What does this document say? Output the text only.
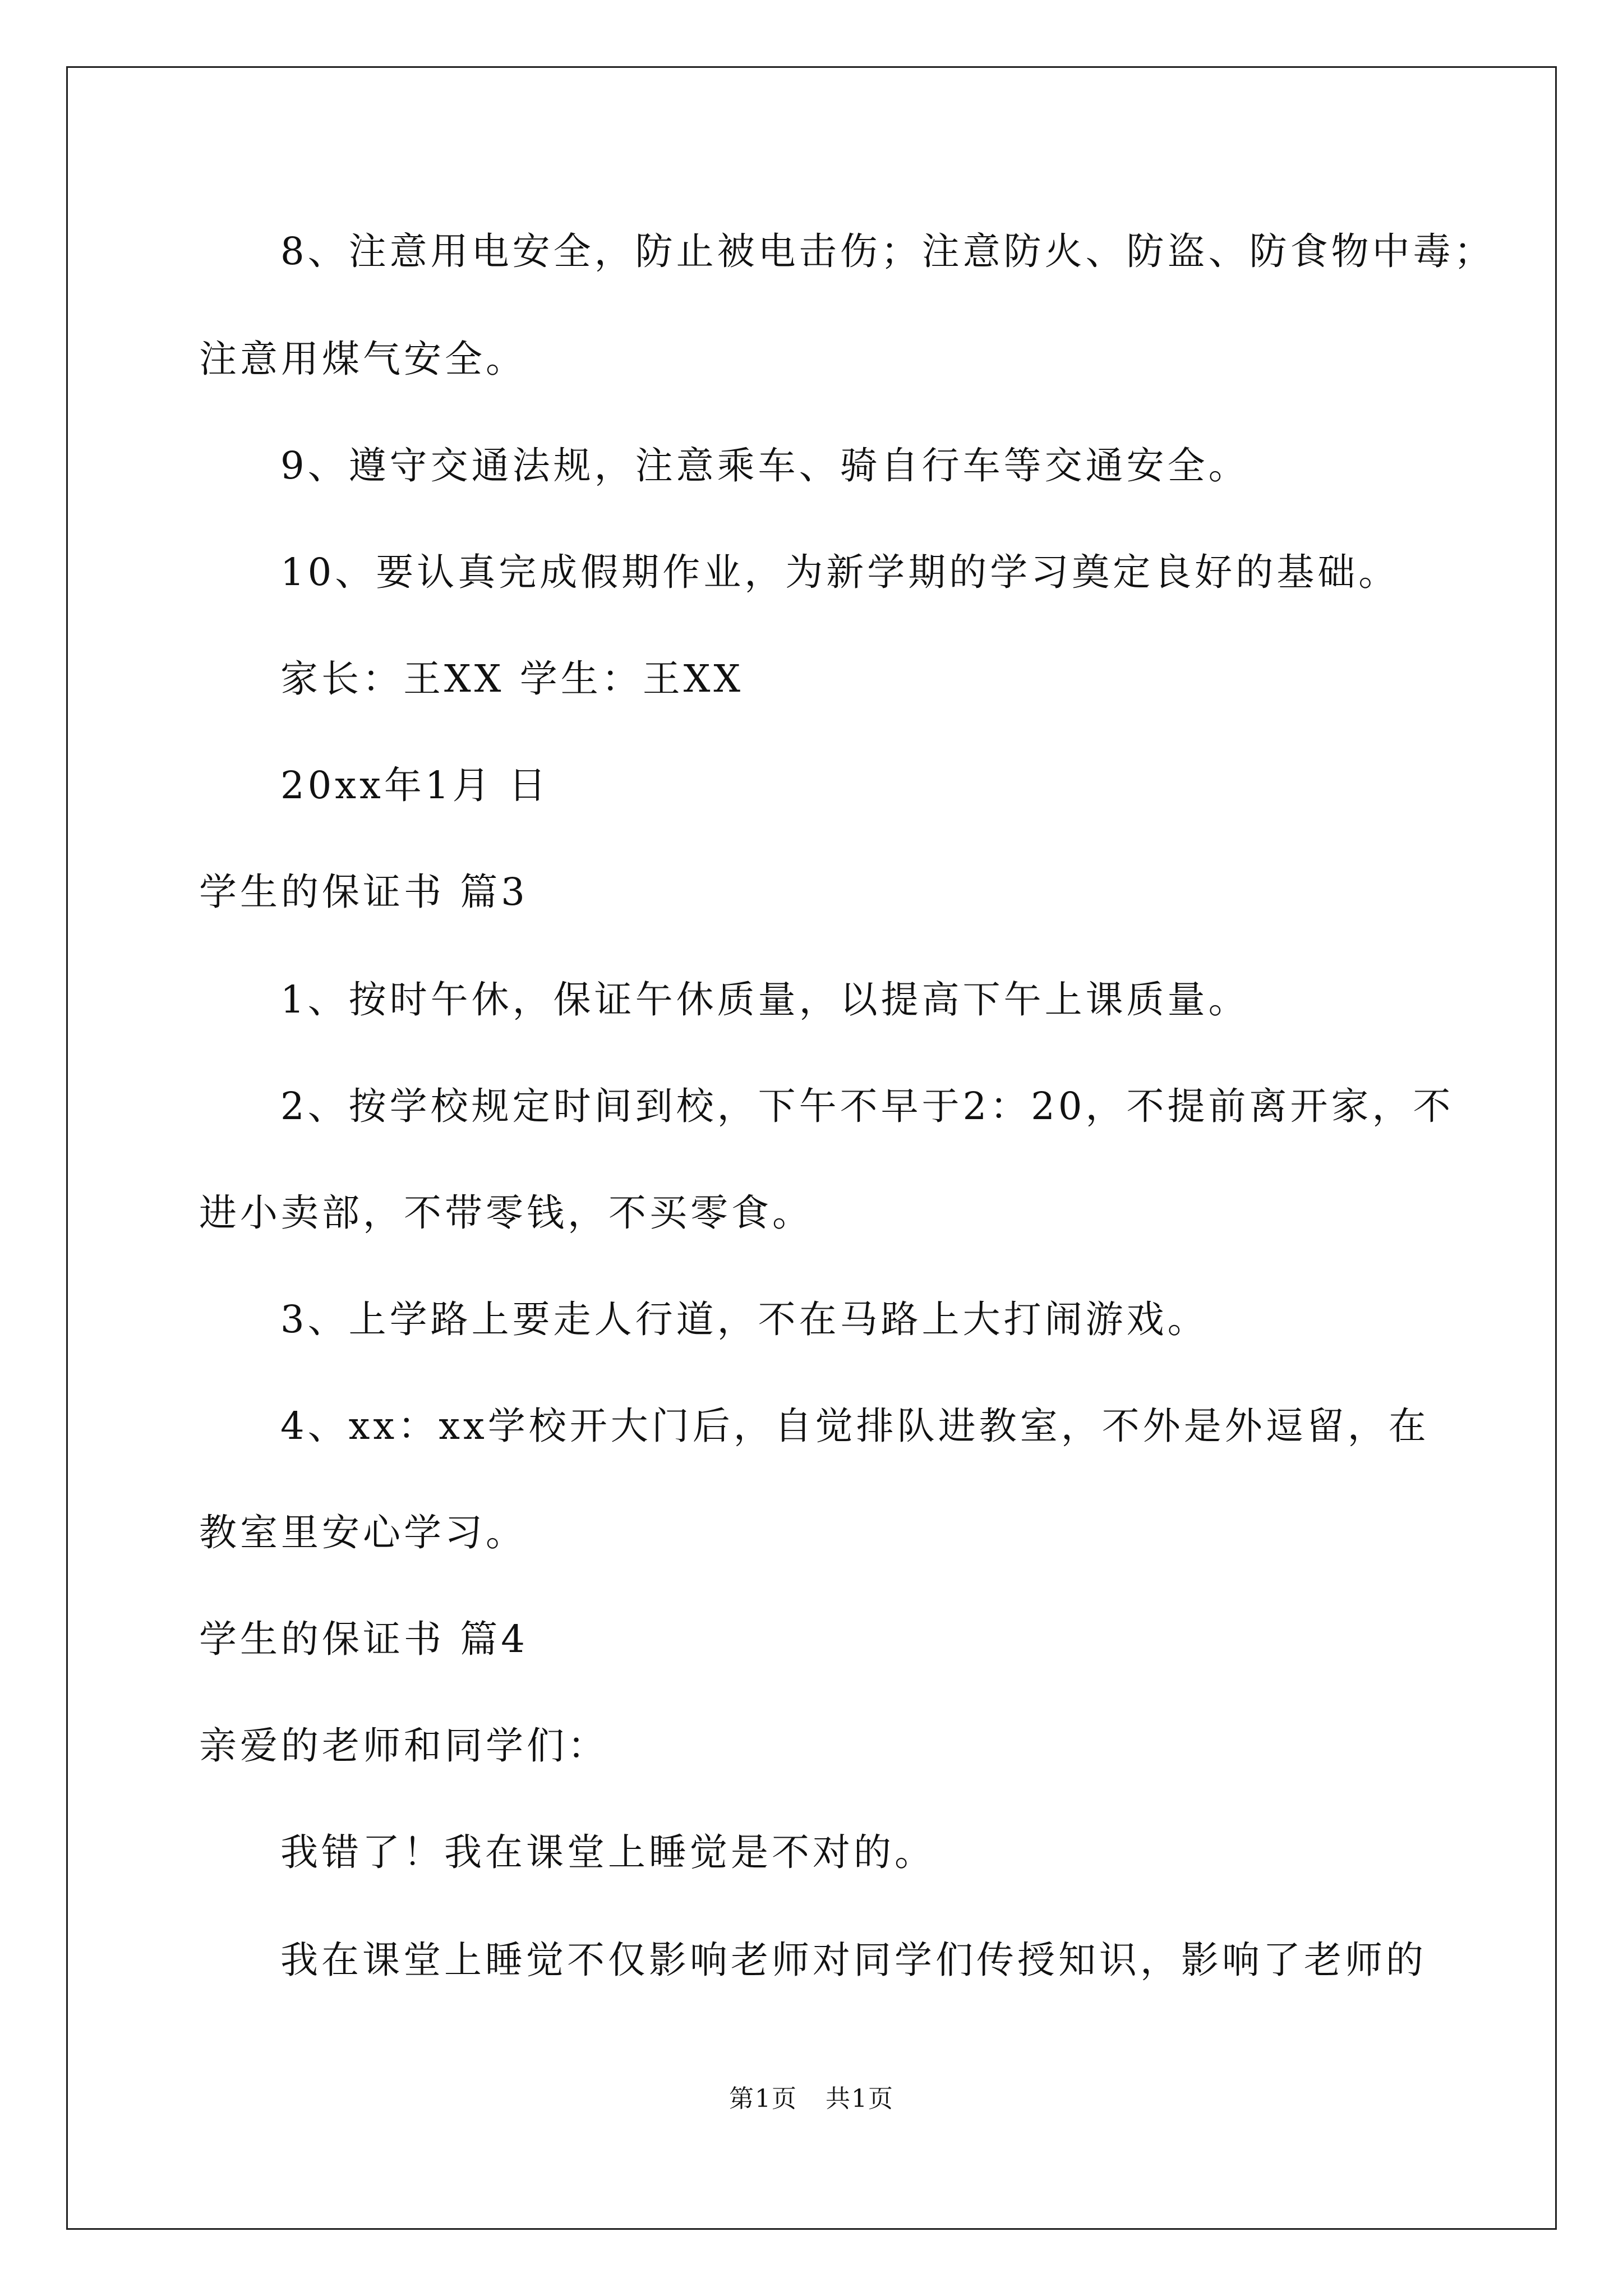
8、注意用电安全，防止被电击伤；注意防火、防盗、防食物中毒；
注意用煤气安全。
9、遵守交通法规，注意乘车、骑自行车等交通安全。
10、要认真完成假期作业，为新学期的学习奠定良好的基础。
家长：王XX 学生：王XX
20xx年1月 日
学生的保证书 篇3
1、按时午休，保证午休质量，以提高下午上课质量。
2、按学校规定时间到校，下午不早于2：20，不提前离开家，不
进小卖部，不带零钱，不买零食。
3、上学路上要走人行道，不在马路上大打闹游戏。
4、xx：xx学校开大门后，自觉排队进教室，不外是外逗留，在
教室里安心学习。
学生的保证书 篇4
亲爱的老师和同学们：
我错了！我在课堂上睡觉是不对的。
我在课堂上睡觉不仅影响老师对同学们传授知识，影响了老师的
第1页 共1页
